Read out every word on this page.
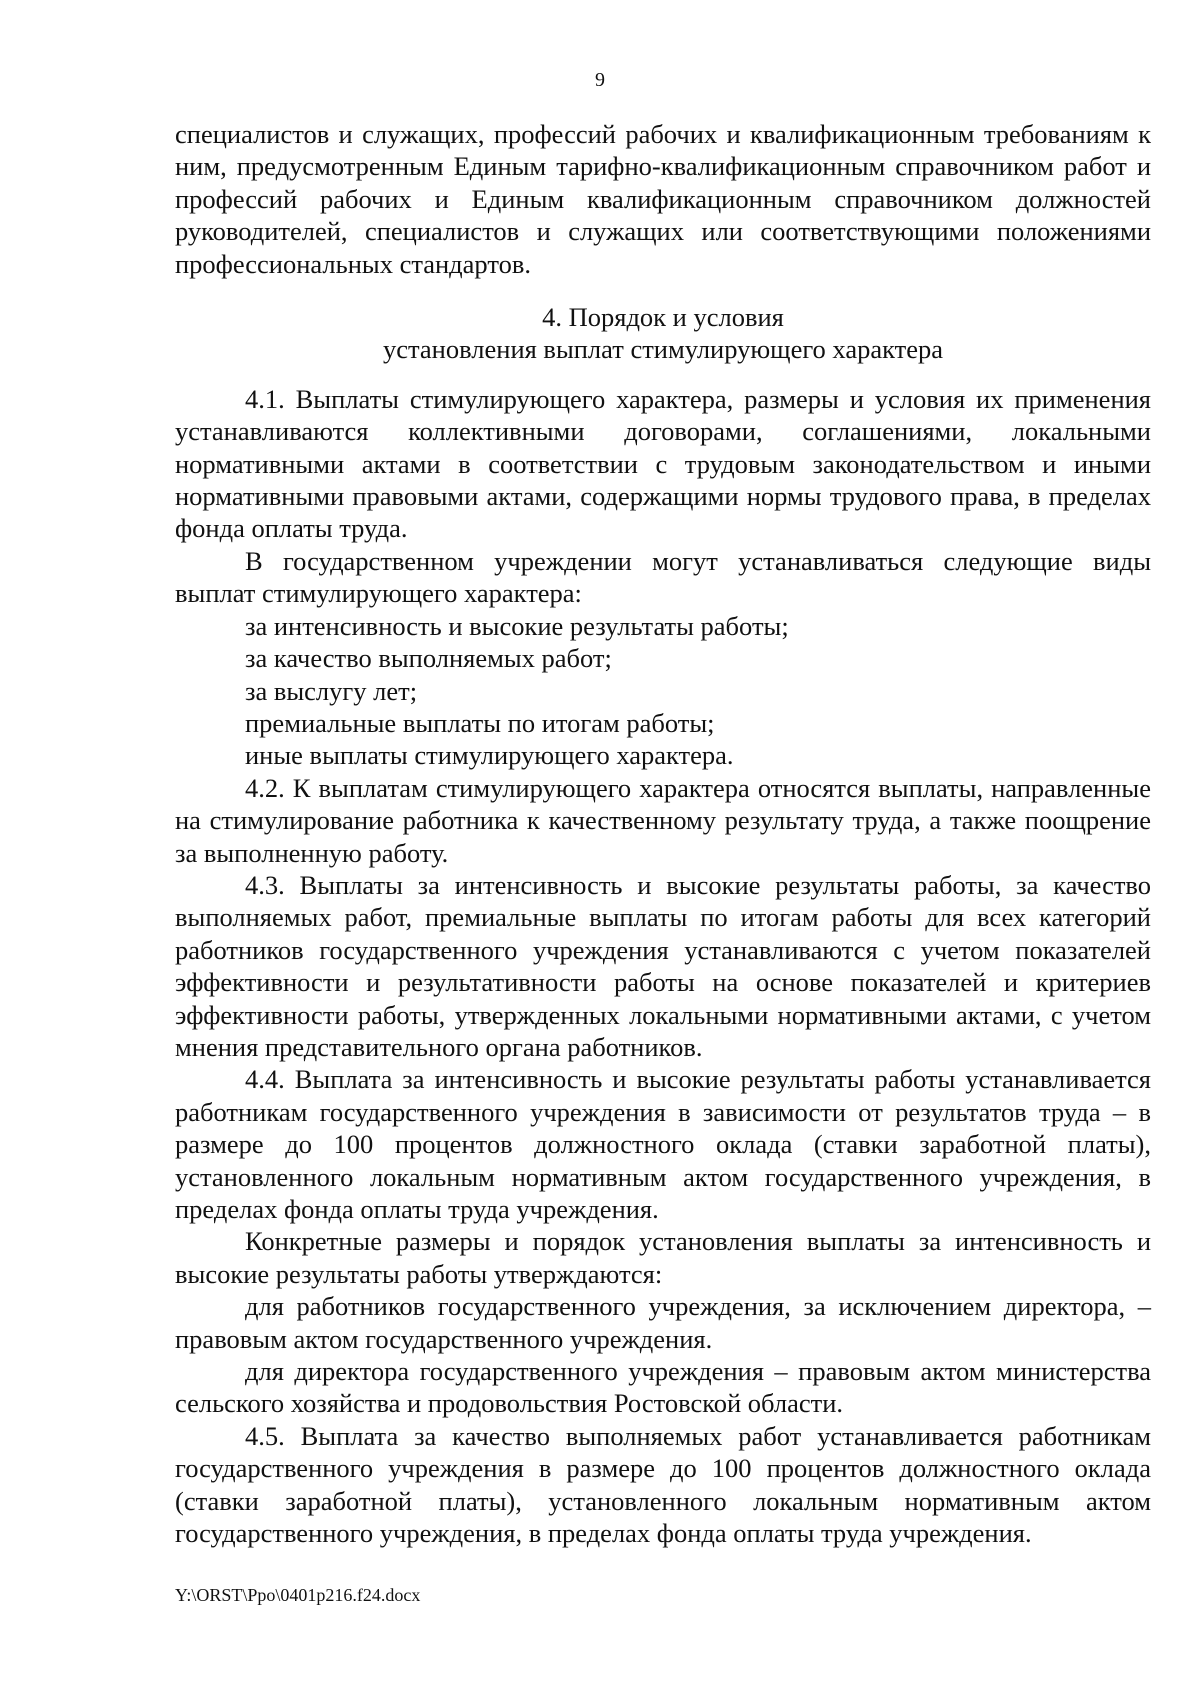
9

специалистов и служащих, профессий рабочих и квалификационным требованиям к ним, предусмотренным Единым тарифно-квалификационным справочником работ и профессий рабочих и Единым квалификационным справочником должностей руководителей, специалистов и служащих или соответствующими положениями профессиональных стандартов.

4. Порядок и условия
установления выплат стимулирующего характера

4.1. Выплаты стимулирующего характера, размеры и условия их применения устанавливаются коллективными договорами, соглашениями, локальными нормативными актами в соответствии с трудовым законодательством и иными нормативными правовыми актами, содержащими нормы трудового права, в пределах фонда оплаты труда.

В государственном учреждении могут устанавливаться следующие виды выплат стимулирующего характера:

за интенсивность и высокие результаты работы;

за качество выполняемых работ;

за выслугу лет;

премиальные выплаты по итогам работы;

иные выплаты стимулирующего характера.

4.2. К выплатам стимулирующего характера относятся выплаты, направленные на стимулирование работника к качественному результату труда, а также поощрение за выполненную работу.

4.3. Выплаты за интенсивность и высокие результаты работы, за качество выполняемых работ, премиальные выплаты по итогам работы для всех категорий работников государственного учреждения устанавливаются с учетом показателей эффективности и результативности работы на основе показателей и критериев эффективности работы, утвержденных локальными нормативными актами, с учетом мнения представительного органа работников.

4.4. Выплата за интенсивность и высокие результаты работы устанавливается работникам государственного учреждения в зависимости от результатов труда – в размере до 100 процентов должностного оклада (ставки заработной платы), установленного локальным нормативным актом государственного учреждения, в пределах фонда оплаты труда учреждения.

Конкретные размеры и порядок установления выплаты за интенсивность и высокие результаты работы утверждаются:

для работников государственного учреждения, за исключением директора, – правовым актом государственного учреждения.

для директора государственного учреждения – правовым актом министерства сельского хозяйства и продовольствия Ростовской области.

4.5. Выплата за качество выполняемых работ устанавливается работникам государственного учреждения в размере до 100 процентов должностного оклада (ставки заработной платы), установленного локальным нормативным актом государственного учреждения, в пределах фонда оплаты труда учреждения.

Y:\ORST\Ppo\0401p216.f24.docx
